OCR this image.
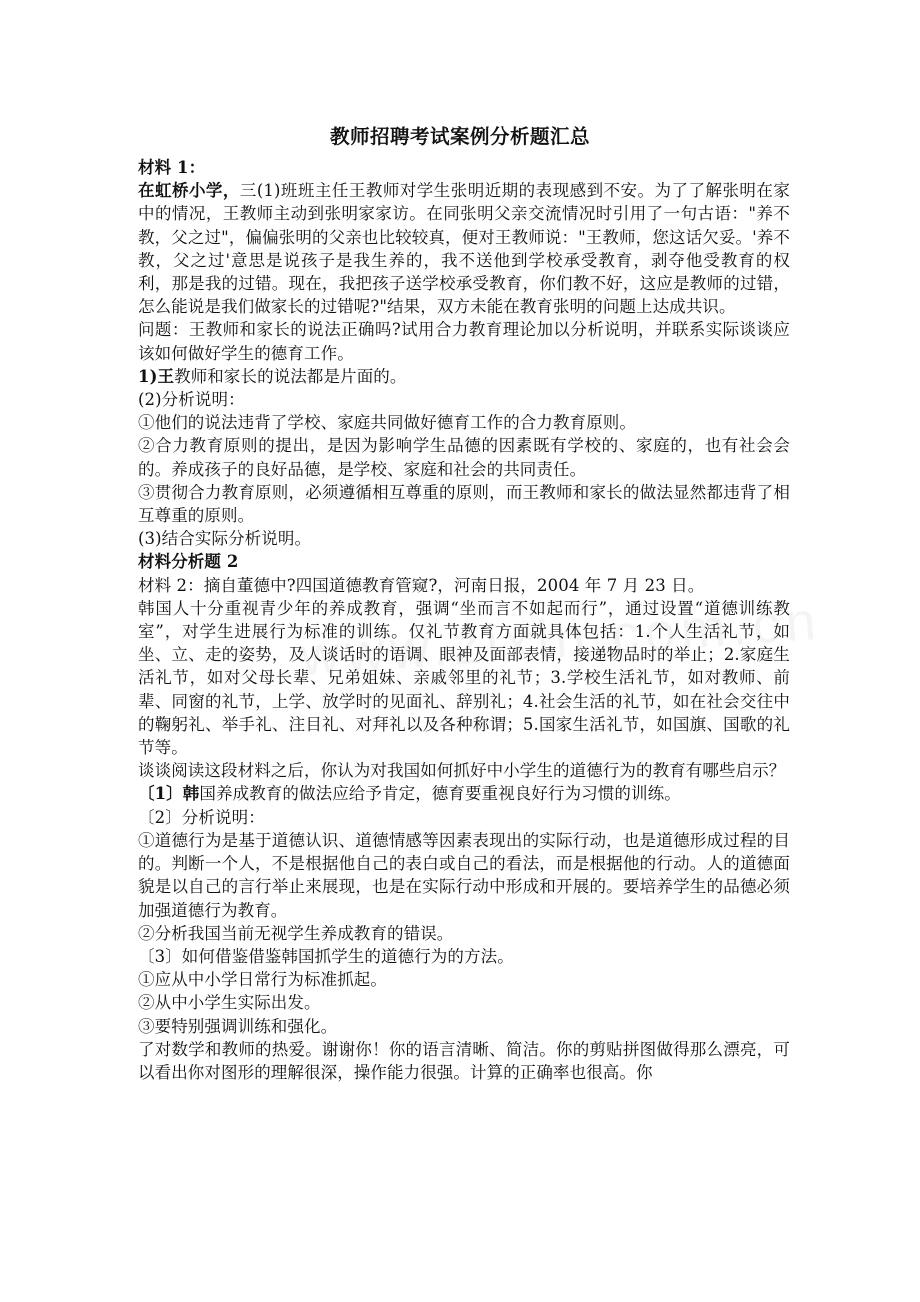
教师招聘考试案例分析题汇总

材料 1：

在虹桥小学，三(1)班班主任王教师对学生张明近期的表现感到不安。为了了解张明在家中的情况，王教师主动到张明家家访。在同张明父亲交流情况时引用了一句古语："养不教，父之过"，偏偏张明的父亲也比较较真，便对王教师说："王教师，您这话欠妥。'养不教，父之过'意思是说孩子是我生养的，我不送他到学校承受教育，剥夺他受教育的权利，那是我的过错。现在，我把孩子送学校承受教育，你们教不好，这应是教师的过错，怎么能说是我们做家长的过错呢?"结果，双方未能在教育张明的问题上达成共识。

问题：王教师和家长的说法正确吗?试用合力教育理论加以分析说明，并联系实际谈谈应该如何做好学生的德育工作。

1)王教师和家长的说法都是片面的。

(2)分析说明：

①他们的说法违背了学校、家庭共同做好德育工作的合力教育原则。

②合力教育原则的提出，是因为影响学生品德的因素既有学校的、家庭的，也有社会会的。养成孩子的良好品德，是学校、家庭和社会的共同责任。

③贯彻合力教育原则，必须遵循相互尊重的原则，而王教师和家长的做法显然都违背了相互尊重的原则。

(3)结合实际分析说明。

材料分析题 2

材料 2：摘自董德中?四国道德教育管窥?，河南日报，2004 年 7 月 23 日。

韩国人十分重视青少年的养成教育，强调“坐而言不如起而行”，通过设置“道德训练教室”，对学生进展行为标准的训练。仅礼节教育方面就具体包括：1.个人生活礼节，如坐、立、走的姿势，及人谈话时的语调、眼神及面部表情，接递物品时的举止；2.家庭生活礼节，如对父母长辈、兄弟姐妹、亲戚邻里的礼节；3.学校生活礼节，如对教师、前辈、同窗的礼节，上学、放学时的见面礼、辞别礼；4.社会生活的礼节，如在社会交往中的鞠躬礼、举手礼、注目礼、对拜礼以及各种称谓；5.国家生活礼节，如国旗、国歌的礼节等。

谈谈阅读这段材料之后，你认为对我国如何抓好中小学生的道德行为的教育有哪些启示？

〔1〕韩国养成教育的做法应给予肯定，德育要重视良好行为习惯的训练。

〔2〕分析说明：

①道德行为是基于道德认识、道德情感等因素表现出的实际行动，也是道德形成过程的目的。判断一个人，不是根据他自己的表白或自己的看法，而是根据他的行动。人的道德面貌是以自己的言行举止来展现，也是在实际行动中形成和开展的。要培养学生的品德必须加强道德行为教育。

②分析我国当前无视学生养成教育的错误。

〔3〕如何借鉴借鉴韩国抓学生的道德行为的方法。

①应从中小学日常行为标准抓起。

②从中小学生实际出发。

③要特别强调训练和强化。

了对数学和教师的热爱。谢谢你！你的语言清晰、简洁。你的剪贴拼图做得那么漂亮，可以看出你对图形的理解很深，操作能力很强。计算的正确率也很高。你
